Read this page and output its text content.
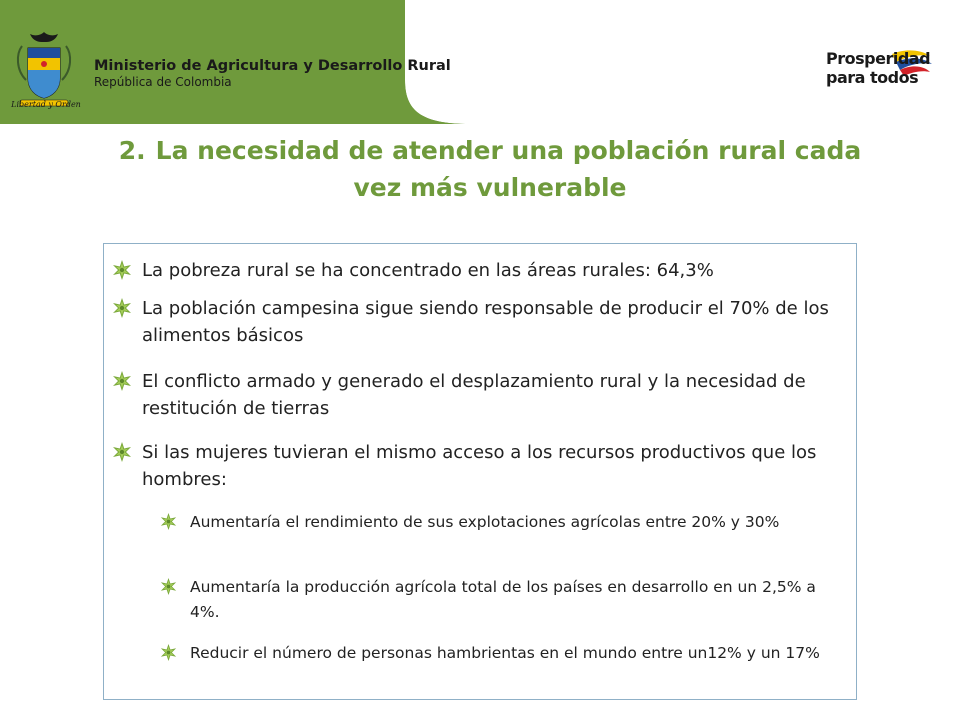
Libertad y Orden
Ministerio de Agricultura y Desarrollo Rural
República de Colombia
Prosperidad
para todos
2. La necesidad de atender una población rural cada
vez más vulnerable
La pobreza rural se ha concentrado en las áreas rurales: 64,3%
La población campesina sigue siendo responsable de producir el 70% de los alimentos básicos
El conflicto armado y generado el desplazamiento rural y la necesidad de restitución de tierras
Si las mujeres tuvieran el mismo acceso a los recursos productivos que los hombres:
Aumentaría el rendimiento de sus explotaciones agrícolas entre 20% y 30%
Aumentaría la producción agrícola total de los países en desarrollo en un 2,5% a 4%.
Reducir el número de personas hambrientas en el mundo entre un12% y un 17%
